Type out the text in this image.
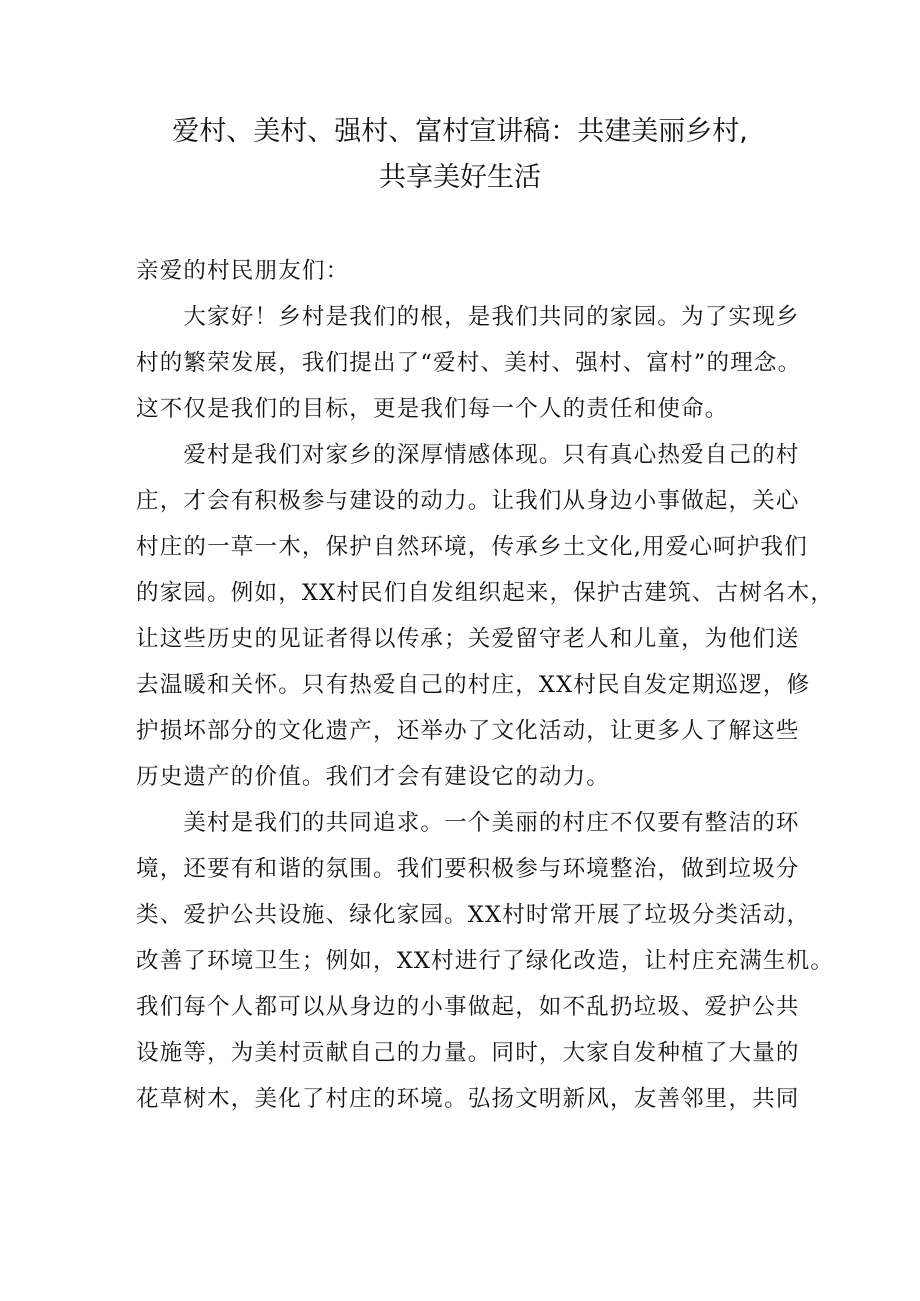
爱村、美村、强村、富村宣讲稿：共建美丽乡村,
共享美好生活
亲爱的村民朋友们：
　　大家好！乡村是我们的根，是我们共同的家园。为了实现乡
村的繁荣发展，我们提出了“爱村、美村、强村、富村”的理念。
这不仅是我们的目标，更是我们每一个人的责任和使命。
　　爱村是我们对家乡的深厚情感体现。只有真心热爱自己的村
庄，才会有积极参与建设的动力。让我们从身边小事做起，关心
村庄的一草一木，保护自然环境，传承乡土文化,用爱心呵护我们
的家园。例如，XX村民们自发组织起来，保护古建筑、古树名木，
让这些历史的见证者得以传承；关爱留守老人和儿童，为他们送
去温暖和关怀。只有热爱自己的村庄，XX村民自发定期巡逻，修
护损坏部分的文化遗产，还举办了文化活动，让更多人了解这些
历史遗产的价值。我们才会有建设它的动力。
　　美村是我们的共同追求。一个美丽的村庄不仅要有整洁的环
境，还要有和谐的氛围。我们要积极参与环境整治，做到垃圾分
类、爱护公共设施、绿化家园。XX村时常开展了垃圾分类活动，
改善了环境卫生；例如，XX村进行了绿化改造，让村庄充满生机。
我们每个人都可以从身边的小事做起，如不乱扔垃圾、爱护公共
设施等，为美村贡献自己的力量。同时，大家自发种植了大量的
花草树木，美化了村庄的环境。弘扬文明新风，友善邻里，共同
